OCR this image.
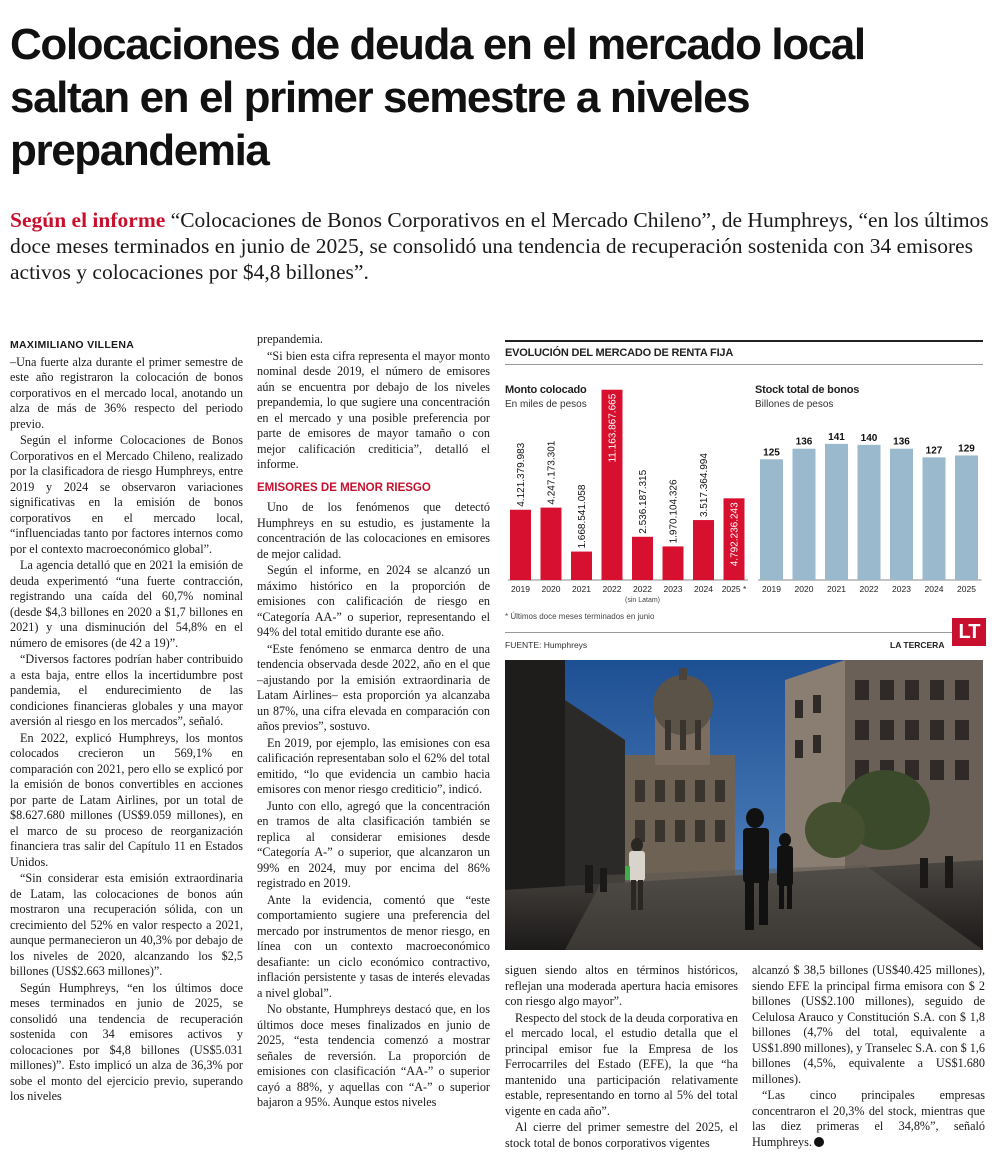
Colocaciones de deuda en el mercado local saltan en el primer semestre a niveles prepandemia
Según el informe “Colocaciones de Bonos Corporativos en el Mercado Chileno”, de Humphreys, “en los últimos doce meses terminados en junio de 2025, se consolidó una tendencia de recuperación sostenida con 34 emisores activos y colocaciones por $4,8 billones”.
MAXIMILIANO VILLENA

–Una fuerte alza durante el primer semestre de este año registraron la colocación de bonos corporativos en el mercado local, anotando un alza de más de 36% respecto del periodo previo.

Según el informe Colocaciones de Bonos Corporativos en el Mercado Chileno, realizado por la clasificadora de riesgo Humphreys, entre 2019 y 2024 se observaron variaciones significativas en la emisión de bonos corporativos en el mercado local, “influenciadas tanto por factores internos como por el contexto macroeconómico global”.

La agencia detalló que en 2021 la emisión de deuda experimentó “una fuerte contracción, registrando una caída del 60,7% nominal (desde $4,3 billones en 2020 a $1,7 billones en 2021) y una disminución del 54,8% en el número de emisores (de 42 a 19)”.

“Diversos factores podrían haber contribuido a esta baja, entre ellos la incertidumbre post pandemia, el endurecimiento de las condiciones financieras globales y una mayor aversión al riesgo en los mercados”, señaló.

En 2022, explicó Humphreys, los montos colocados crecieron un 569,1% en comparación con 2021, pero ello se explicó por la emisión de bonos convertibles en acciones por parte de Latam Airlines, por un total de $8.627.680 millones (US$9.059 millones), en el marco de su proceso de reorganización financiera tras salir del Capítulo 11 en Estados Unidos.

“Sin considerar esta emisión extraordinaria de Latam, las colocaciones de bonos aún mostraron una recuperación sólida, con un crecimiento del 52% en valor respecto a 2021, aunque permanecieron un 40,3% por debajo de los niveles de 2020, alcanzando los $2,5 billones (US$2.663 millones)”.

Según Humphreys, “en los últimos doce meses terminados en junio de 2025, se consolidó una tendencia de recuperación sostenida con 34 emisores activos y colocaciones por $4,8 billones (US$5.031 millones)”. Esto implicó un alza de 36,3% por sobe el monto del ejercicio previo, superando los niveles

prepandemia.

“Si bien esta cifra representa el mayor monto nominal desde 2019, el número de emisores aún se encuentra por debajo de los niveles prepandemia, lo que sugiere una concentración en el mercado y una posible preferencia por parte de emisores de mayor tamaño o con mejor calificación crediticia”, detalló el informe.

EMISORES DE MENOR RIESGO

Uno de los fenómenos que detectó Humphreys en su estudio, es justamente la concentración de las colocaciones en emisores de mejor calidad.

Según el informe, en 2024 se alcanzó un máximo histórico en la proporción de emisiones con calificación de riesgo en “Categoría AA-” o superior, representando el 94% del total emitido durante ese año.

“Este fenómeno se enmarca dentro de una tendencia observada desde 2022, año en el que –ajustando por la emisión extraordinaria de Latam Airlines– esta proporción ya alcanzaba un 87%, una cifra elevada en comparación con años previos”, sostuvo.

En 2019, por ejemplo, las emisiones con esa calificación representaban solo el 62% del total emitido, “lo que evidencia un cambio hacia emisores con menor riesgo crediticio”, indicó.

Junto con ello, agregó que la concentración en tramos de alta clasificación también se replica al considerar emisiones desde “Categoría A-” o superior, que alcanzaron un 99% en 2024, muy por encima del 86% registrado en 2019.

Ante la evidencia, comentó que “este comportamiento sugiere una preferencia del mercado por instrumentos de menor riesgo, en línea con un contexto macroeconómico desafiante: un ciclo económico contractivo, inflación persistente y tasas de interés elevadas a nivel global”.

No obstante, Humphreys destacó que, en los últimos doce meses finalizados en junio de 2025, “esta tendencia comenzó a mostrar señales de reversión. La proporción de emisiones con clasificación “AA-” o superior cayó a 88%, y aquellas con “A-” o superior bajaron a 95%. Aunque estos niveles

siguen siendo altos en términos históricos, reflejan una moderada apertura hacia emisores con riesgo algo mayor”.

Respecto del stock de la deuda corporativa en el mercado local, el estudio detalla que el principal emisor fue la Empresa de los Ferrocarriles del Estado (EFE), la que “ha mantenido una participación relativamente estable, representando en torno al 5% del total vigente en cada año”.

Al cierre del primer semestre del 2025, el stock total de bonos corporativos vigentes

alcanzó $ 38,5 billones (US$40.425 millones), siendo EFE la principal firma emisora con $ 2 billones (US$2.100 millones), seguido de Celulosa Arauco y Constitución S.A. con $ 1,8 billones (4,7% del total, equivalente a US$1.890 millones), y Transelec S.A. con $ 1,6 billones (4,5%, equivalente a US$1.680 millones).

“Las cinco principales empresas concentraron el 20,3% del stock, mientras que las diez primeras el 34,8%”, señaló Humphreys.

EVOLUCIÓN DEL MERCADO DE RENTA FIJA
Monto colocado
En miles de pesos
Stock total de bonos
Billones de pesos
4.121.379.983
2019
4.247.173.301
2020
1.668.541.058
2021
11.163.867.665
2022
2.536.187.315
2022
(sin Latam)
1.970.104.326
2023
3.517.364.994
2024
4.792.236.243
2025 *
125
2019
136
2020
141
2021
140
2022
136
2023
127
2024
129
2025
* Últimos doce meses terminados en junio
FUENTE: Humphreys	LA TERCERA
LT
